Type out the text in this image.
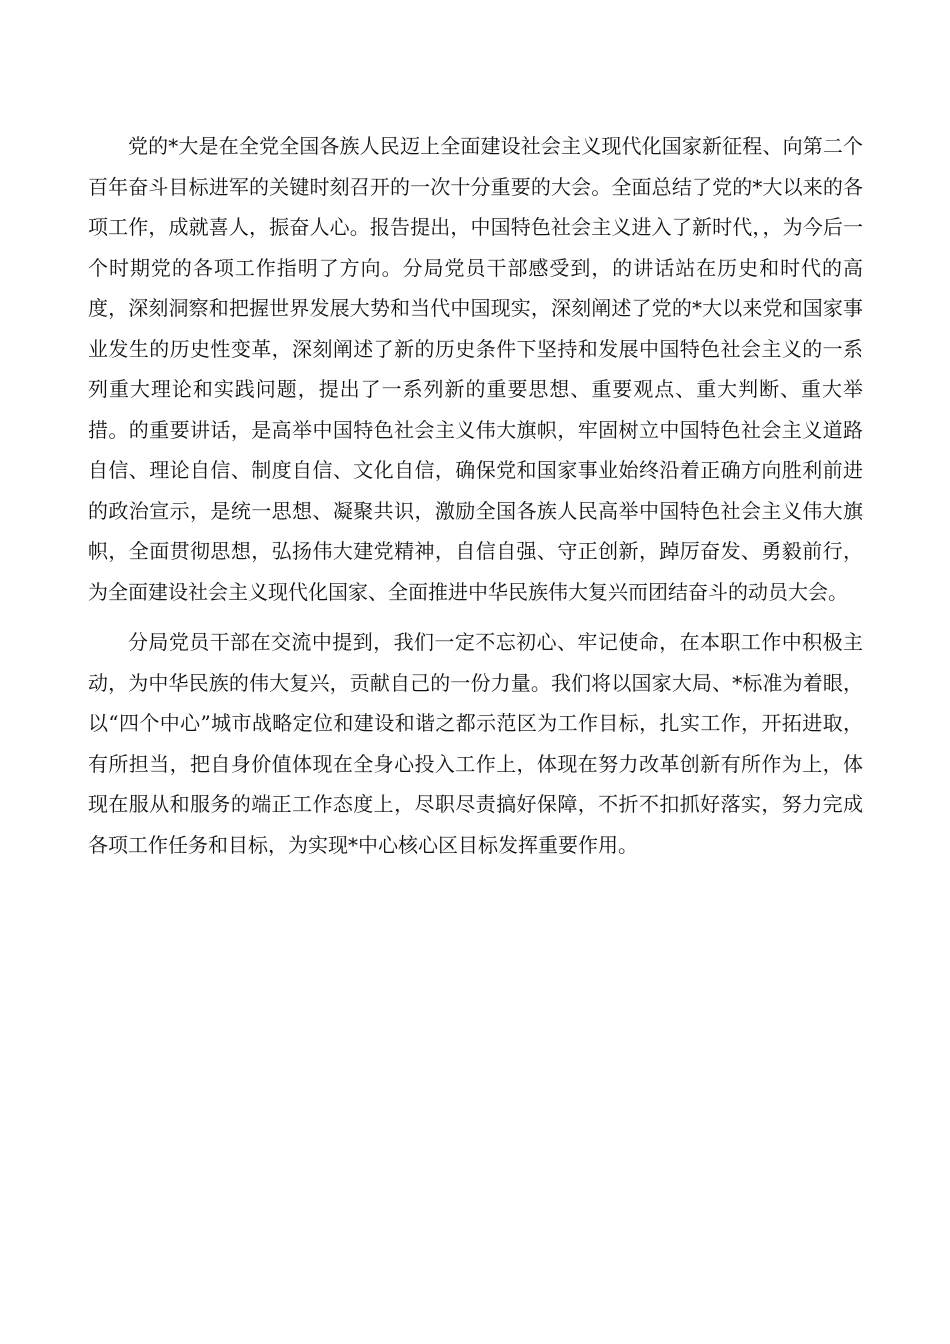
党的*大是在全党全国各族人民迈上全面建设社会主义现代化国家新征程、向第二个百年奋斗目标进军的关键时刻召开的一次十分重要的大会。全面总结了党的*大以来的各项工作，成就喜人，振奋人心。报告提出，中国特色社会主义进入了新时代，，为今后一个时期党的各项工作指明了方向。分局党员干部感受到，的讲话站在历史和时代的高度，深刻洞察和把握世界发展大势和当代中国现实，深刻阐述了党的*大以来党和国家事业发生的历史性变革，深刻阐述了新的历史条件下坚持和发展中国特色社会主义的一系列重大理论和实践问题，提出了一系列新的重要思想、重要观点、重大判断、重大举措。的重要讲话，是高举中国特色社会主义伟大旗帜，牢固树立中国特色社会主义道路自信、理论自信、制度自信、文化自信，确保党和国家事业始终沿着正确方向胜利前进的政治宣示，是统一思想、凝聚共识，激励全国各族人民高举中国特色社会主义伟大旗帜，全面贯彻思想，弘扬伟大建党精神，自信自强、守正创新，踔厉奋发、勇毅前行，为全面建设社会主义现代化国家、全面推进中华民族伟大复兴而团结奋斗的动员大会。

分局党员干部在交流中提到，我们一定不忘初心、牢记使命，在本职工作中积极主动，为中华民族的伟大复兴，贡献自己的一份力量。我们将以国家大局、*标准为着眼，以“四个中心”城市战略定位和建设和谐之都示范区为工作目标，扎实工作，开拓进取，有所担当，把自身价值体现在全身心投入工作上，体现在努力改革创新有所作为上，体现在服从和服务的端正工作态度上，尽职尽责搞好保障，不折不扣抓好落实，努力完成各项工作任务和目标，为实现*中心核心区目标发挥重要作用。
